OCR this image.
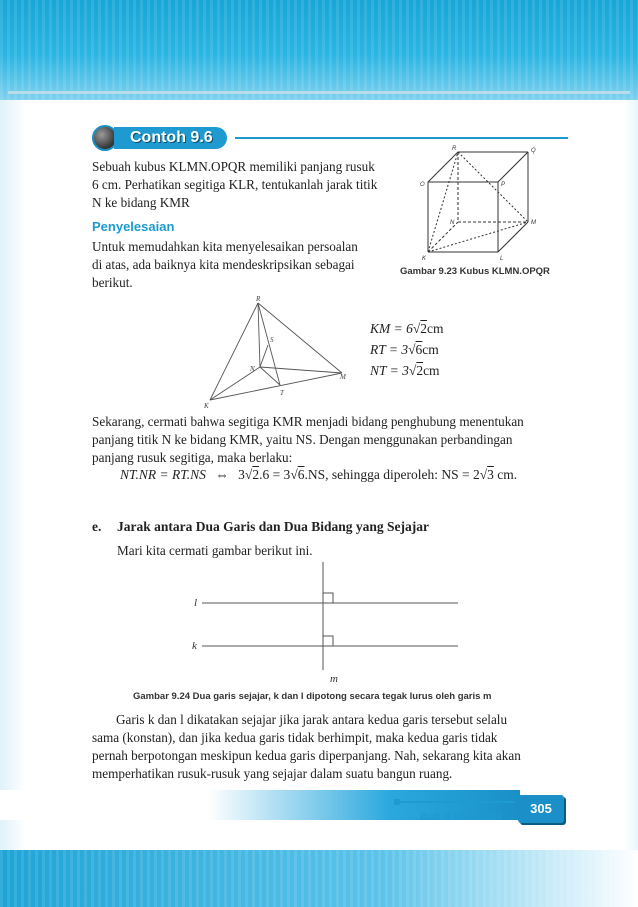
Contoh 9.6
Sebuah kubus KLMN.OPQR memiliki panjang rusuk
6 cm. Perhatikan segitiga KLR, tentukanlah jarak titik
N ke bidang KMR
Penyelesaian
Untuk memudahkan kita menyelesaikan persoalan
di atas, ada baiknya kita mendeskripsikan sebagai
berikut.
R	Q
O	P
N	M
K	L
Gambar 9.23 Kubus KLMN.OPQR
R
S
N
T
M
K
KM = 6√2cm
RT = 3√6cm
NT = 3√2cm
Sekarang, cermati bahwa segitiga KMR menjadi bidang penghubung menentukan
panjang titik N ke bidang KMR, yaitu NS. Dengan menggunakan perbandingan
panjang rusuk segitiga, maka berlaku:
NT.NR = RT.NS ⇔ 3√2.6 = 3√6.NS, sehingga diperoleh: NS = 2√3 cm.
e. Jarak antara Dua Garis dan Dua Bidang yang Sejajar
Mari kita cermati gambar berikut ini.
l
k
m
Gambar 9.24 Dua garis sejajar, k dan l dipotong secara tegak lurus oleh garis m
Garis k dan l dikatakan sejajar jika jarak antara kedua garis tersebut selalu
sama (konstan), dan jika kedua garis tidak berhimpit, maka kedua garis tidak
pernah berpotongan meskipun kedua garis diperpanjang. Nah, sekarang kita akan
memperhatikan rusuk-rusuk yang sejajar dalam suatu bangun ruang.
Bab 9 Geometri
305
